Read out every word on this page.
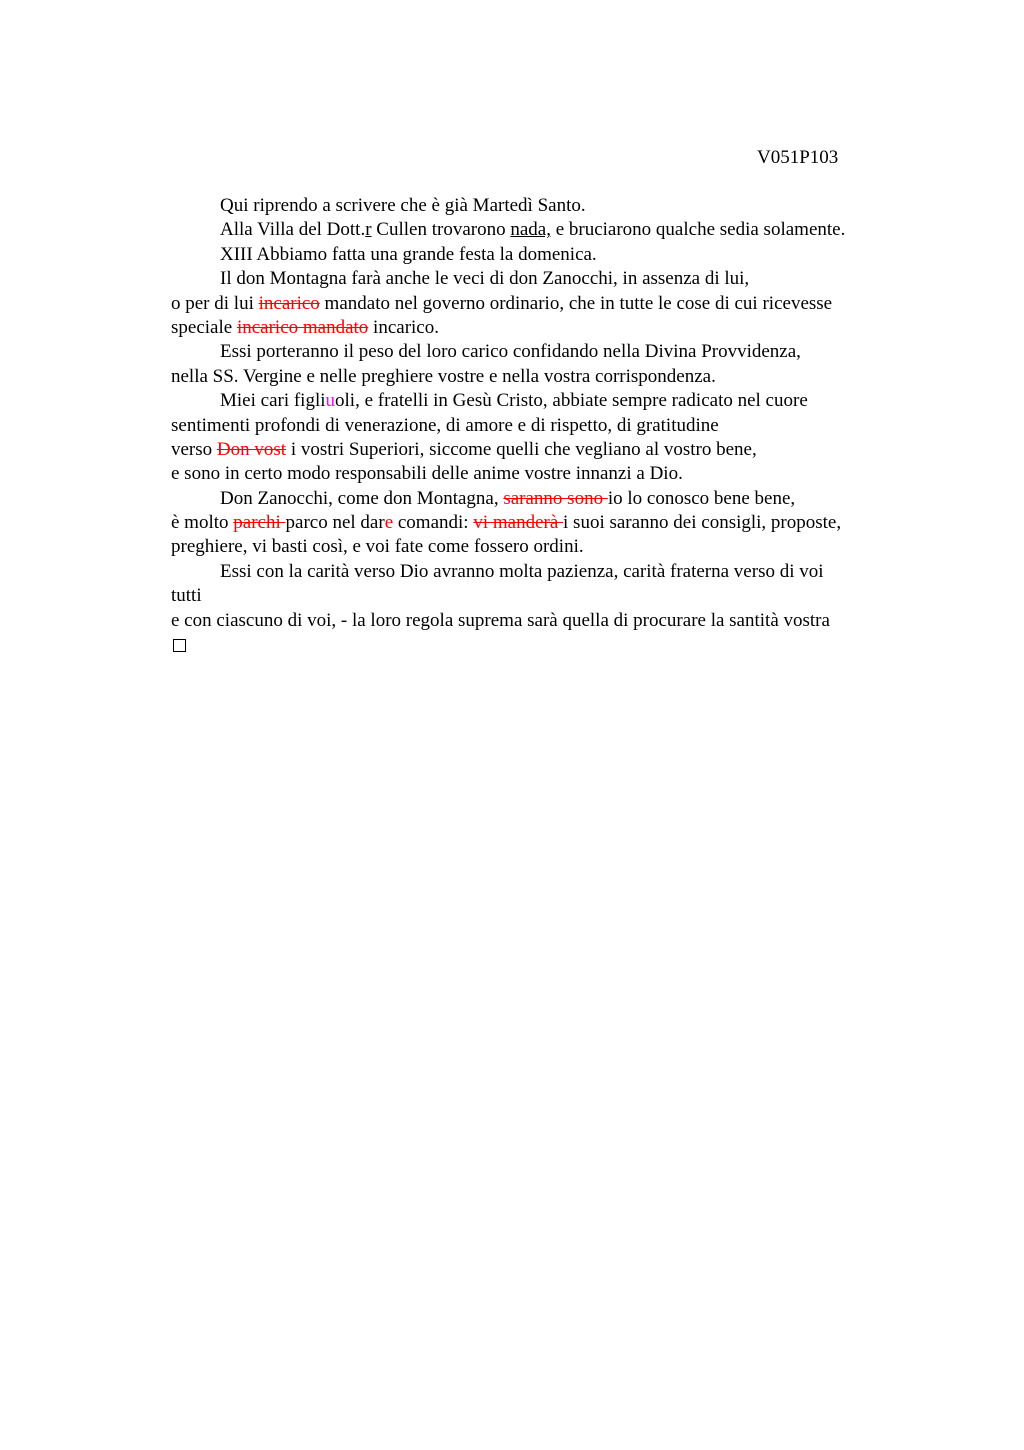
V051P103
Qui riprendo a scrivere che è già Martedì Santo.
Alla Villa del Dott.r Cullen trovarono nada, e bruciarono qualche sedia solamente.
XIII Abbiamo fatta una grande festa la domenica.
Il don Montagna farà anche le veci di don Zanocchi, in assenza di lui,
o per di lui incarico mandato nel governo ordinario, che in tutte le cose di cui ricevesse
speciale incarico mandato incarico.
Essi porteranno il peso del loro carico confidando nella Divina Provvidenza,
nella SS. Vergine e nelle preghiere vostre e nella vostra corrispondenza.
Miei cari figliuoli, e fratelli in Gesù Cristo, abbiate sempre radicato nel cuore
sentimenti profondi di venerazione, di amore e di rispetto, di gratitudine
verso Don vost i vostri Superiori, siccome quelli che vegliano al vostro bene,
e sono in certo modo responsabili delle anime vostre innanzi a Dio.
Don Zanocchi, come don Montagna, saranno sono io lo conosco bene bene,
è molto parchi parco nel dare comandi: vi manderà i suoi saranno dei consigli, proposte,
preghiere, vi basti così, e voi fate come fossero ordini.
Essi con la carità verso Dio avranno molta pazienza, carità fraterna verso di voi
tutti
e con ciascuno di voi, - la loro regola suprema sarà quella di procurare la santità vostra
